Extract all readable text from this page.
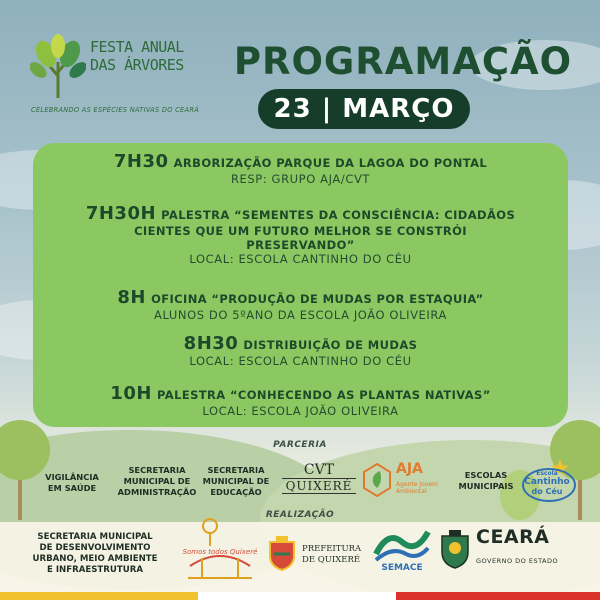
FESTA ANUAL
DAS ÁRVORES
CELEBRANDO AS ESPÉCIES NATIVAS DO CEARÁ
PROGRAMAÇÃO
23 | MARÇO
7H30 ARBORIZAÇÃO PARQUE DA LAGOA DO PONTAL
RESP: GRUPO AJA/CVT
7H30H PALESTRA “SEMENTES DA CONSCIÊNCIA: CIDADÃOS
CIENTES QUE UM FUTURO MELHOR SE CONSTRÓI
PRESERVANDO”
LOCAL: ESCOLA CANTINHO DO CÉU
8H OFICINA “PRODUÇÃO DE MUDAS POR ESTAQUIA”
ALUNOS DO 5ºANO DA ESCOLA JOÃO OLIVEIRA
8H30 DISTRIBUIÇÃO DE MUDAS
LOCAL: ESCOLA CANTINHO DO CÉU
10H PALESTRA “CONHECENDO AS PLANTAS NATIVAS”
LOCAL: ESCOLA JOÃO OLIVEIRA
PARCERIA
VIGILÂNCIA
EM SAÚDE
SECRETARIA
MUNICIPAL DE
ADMINISTRAÇÃO
SECRETARIA
MUNICIPAL DE
EDUCAÇÃO
CVT
QUIXERÉ
AJA
Agente Jovem
Ambiental
ESCOLAS
MUNICIPAIS
Escola
Cantinho
do Céu
REALIZAÇÃO
SECRETARIA MUNICIPAL
DE DESENVOLVIMENTO
URBANO, MEIO AMBIENTE
E INFRAESTRUTURA
Somos todos Quixeré	PREFEITURA
DE QUIXERÉ
SEMACE
CEARÁ
GOVERNO DO ESTADO
